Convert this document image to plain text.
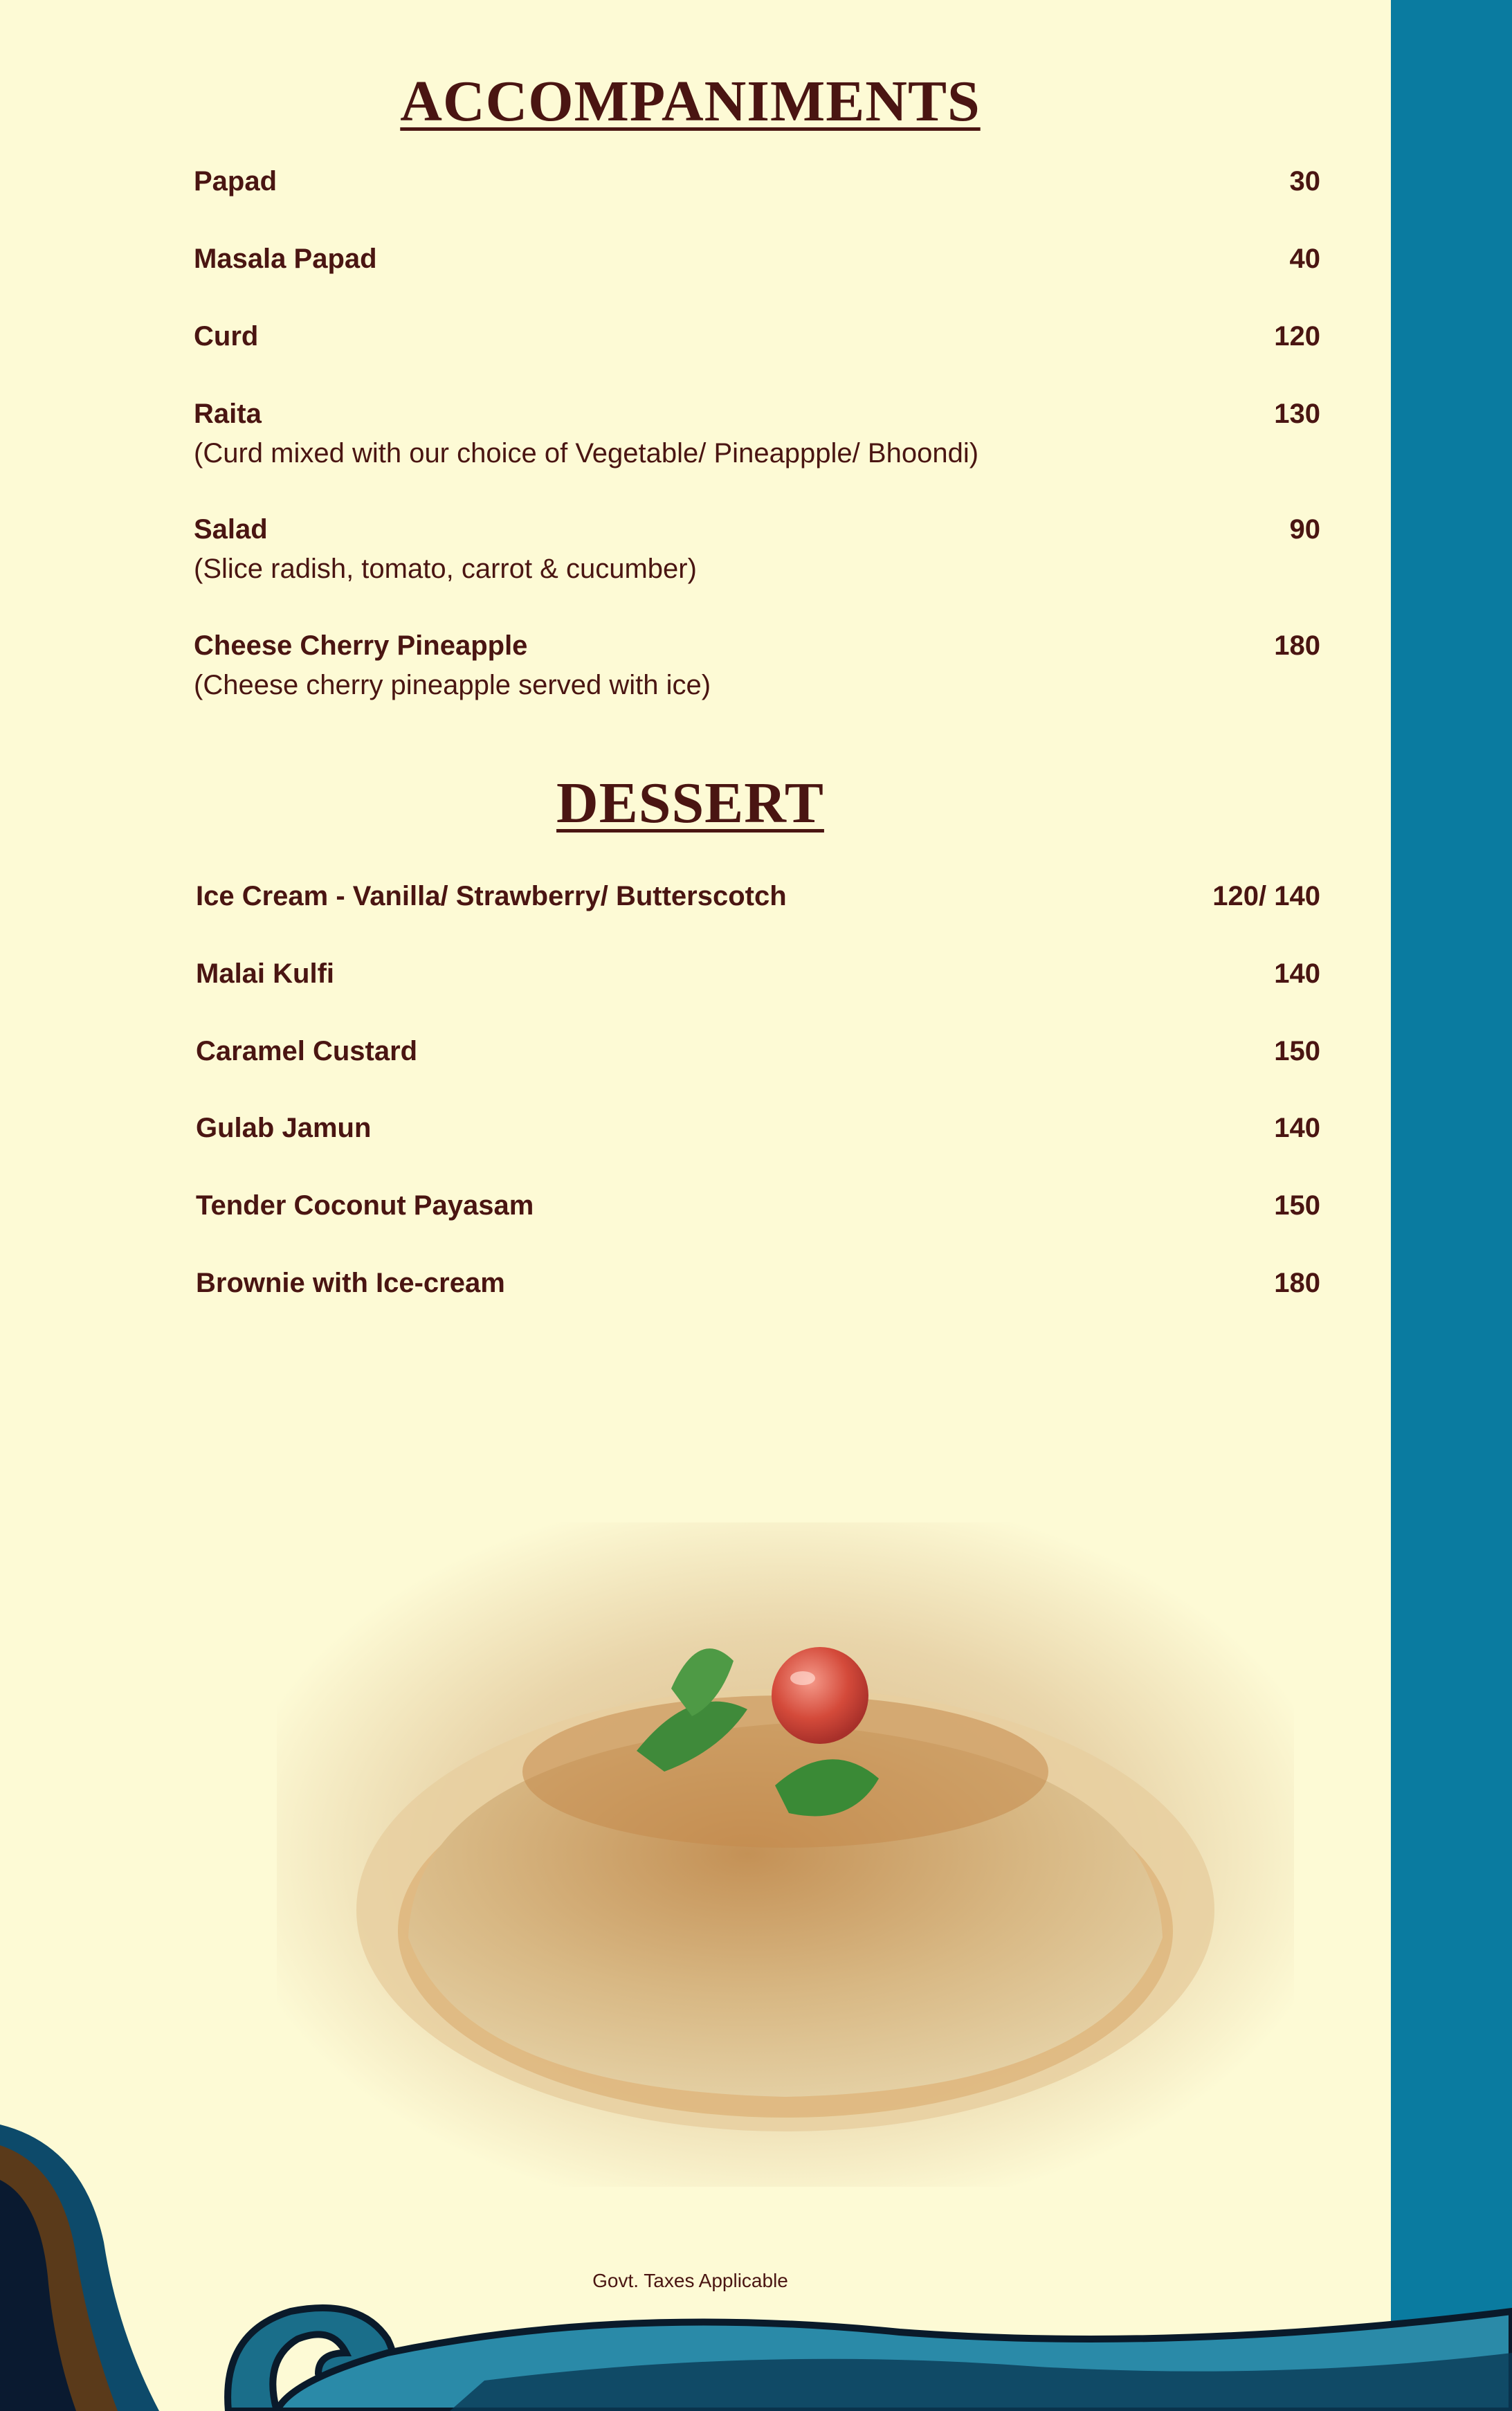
ACCOMPANIMENTS
Papad	30
Masala Papad	40
Curd	120
Raita	130
(Curd mixed with our choice of Vegetable/ Pineappple/ Bhoondi)
Salad	90
(Slice radish, tomato, carrot & cucumber)
Cheese Cherry Pineapple	180
(Cheese cherry pineapple served with ice)
DESSERT
Ice Cream - Vanilla/ Strawberry/ Butterscotch	120/ 140
Malai Kulfi	140
Caramel Custard	150
Gulab Jamun	140
Tender Coconut Payasam	150
Brownie with Ice-cream	180
Govt. Taxes Applicable
